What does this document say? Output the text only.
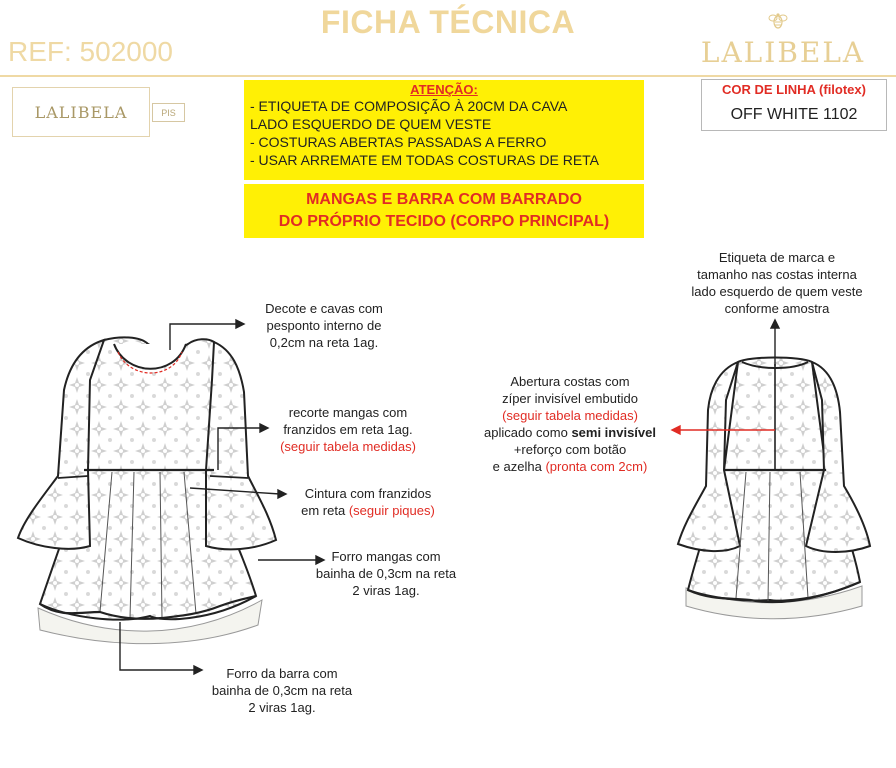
FICHA TÉCNICA
REF: 502000	LALIBELA
LALIBELA	PIS
ATENÇÃO:
- ETIQUETA DE COMPOSIÇÃO À 20CM DA CAVA
LADO ESQUERDO DE QUEM VESTE
- COSTURAS ABERTAS PASSADAS A FERRO
- USAR ARREMATE EM TODAS COSTURAS DE RETA
MANGAS E BARRA COM BARRADO
DO PRÓPRIO TECIDO (CORPO PRINCIPAL)
COR DE LINHA (filotex)
OFF WHITE 1102
Decote e cavas com
pesponto interno de
0,2cm na reta 1ag.
recorte mangas com
franzidos em reta 1ag.
(seguir tabela medidas)
Cintura com franzidos
em reta (seguir piques)
Forro mangas com
bainha de 0,3cm na reta
2 viras 1ag.
Forro da barra com
bainha de 0,3cm na reta
2 viras 1ag.
Etiqueta de marca e
tamanho nas costas interna
lado esquerdo de quem veste
conforme amostra
Abertura costas com
zíper invisível embutido
(seguir tabela medidas)
aplicado como semi invisível
+reforço com botão
e azelha (pronta com 2cm)
